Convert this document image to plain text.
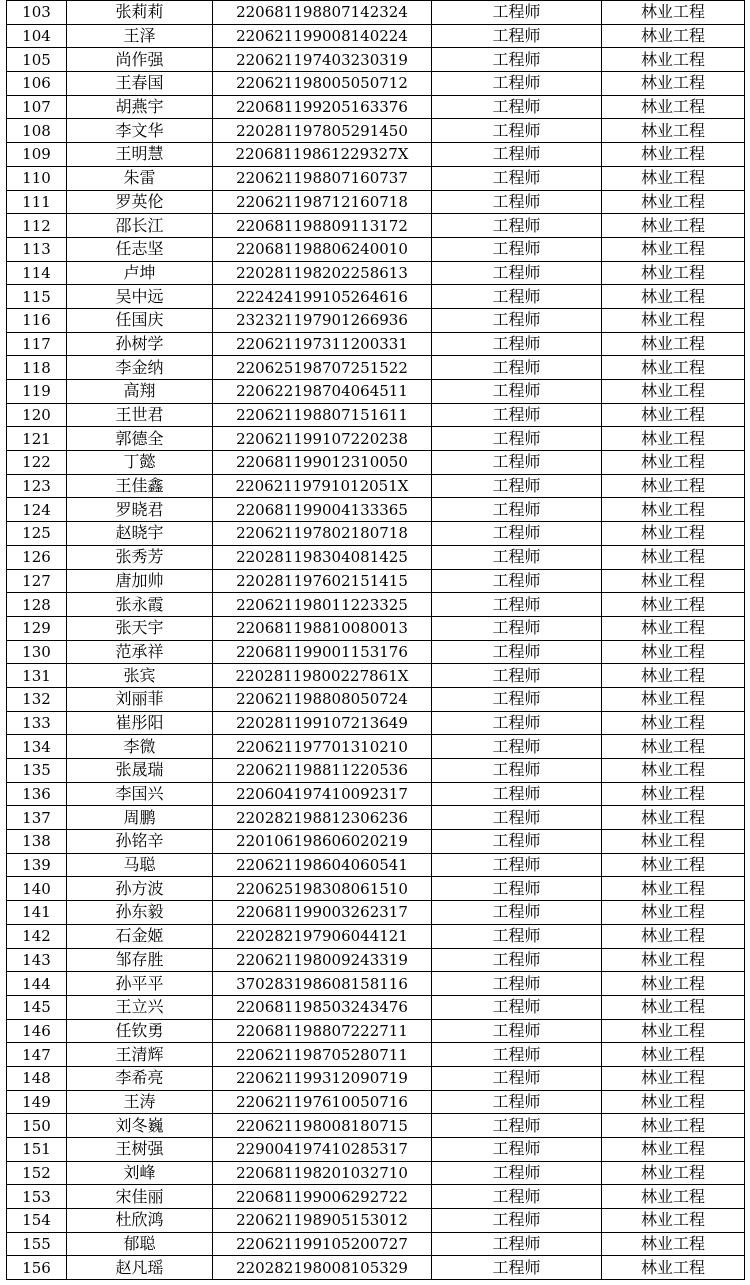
103	张莉莉	220681198807142324	工程师	林业工程
104	王泽	220621199008140224	工程师	林业工程
105	尚作强	220621197403230319	工程师	林业工程
106	王春国	220621198005050712	工程师	林业工程
107	胡燕宇	220681199205163376	工程师	林业工程
108	李文华	220281197805291450	工程师	林业工程
109	王明慧	22068119861229327X	工程师	林业工程
110	朱雷	220621198807160737	工程师	林业工程
111	罗英伦	220621198712160718	工程师	林业工程
112	邵长江	220681198809113172	工程师	林业工程
113	任志坚	220681198806240010	工程师	林业工程
114	卢坤	220281198202258613	工程师	林业工程
115	吴中远	222424199105264616	工程师	林业工程
116	任国庆	232321197901266936	工程师	林业工程
117	孙树学	220621197311200331	工程师	林业工程
118	李金纳	220625198707251522	工程师	林业工程
119	高翔	220622198704064511	工程师	林业工程
120	王世君	220621198807151611	工程师	林业工程
121	郭德全	220621199107220238	工程师	林业工程
122	丁懿	220681199012310050	工程师	林业工程
123	王佳鑫	22062119791012051X	工程师	林业工程
124	罗晓君	220681199004133365	工程师	林业工程
125	赵晓宇	220621197802180718	工程师	林业工程
126	张秀芳	220281198304081425	工程师	林业工程
127	唐加帅	220281197602151415	工程师	林业工程
128	张永霞	220621198011223325	工程师	林业工程
129	张天宇	220681198810080013	工程师	林业工程
130	范承祥	220681199001153176	工程师	林业工程
131	张宾	22028119800227861X	工程师	林业工程
132	刘丽菲	220621198808050724	工程师	林业工程
133	崔彤阳	220281199107213649	工程师	林业工程
134	李微	220621197701310210	工程师	林业工程
135	张晟瑞	220621198811220536	工程师	林业工程
136	李国兴	220604197410092317	工程师	林业工程
137	周鹏	220282198812306236	工程师	林业工程
138	孙铭辛	220106198606020219	工程师	林业工程
139	马聪	220621198604060541	工程师	林业工程
140	孙方波	220625198308061510	工程师	林业工程
141	孙东毅	220681199003262317	工程师	林业工程
142	石金姬	220282197906044121	工程师	林业工程
143	邹存胜	220621198009243319	工程师	林业工程
144	孙平平	370283198608158116	工程师	林业工程
145	王立兴	220681198503243476	工程师	林业工程
146	任钦勇	220681198807222711	工程师	林业工程
147	王清辉	220621198705280711	工程师	林业工程
148	李希亮	220621199312090719	工程师	林业工程
149	王涛	220621197610050716	工程师	林业工程
150	刘冬巍	220621198008180715	工程师	林业工程
151	王树强	229004197410285317	工程师	林业工程
152	刘峰	220681198201032710	工程师	林业工程
153	宋佳丽	220681199006292722	工程师	林业工程
154	杜欣鸿	220621198905153012	工程师	林业工程
155	郁聪	220621199105200727	工程师	林业工程
156	赵凡瑶	220282198008105329	工程师	林业工程
